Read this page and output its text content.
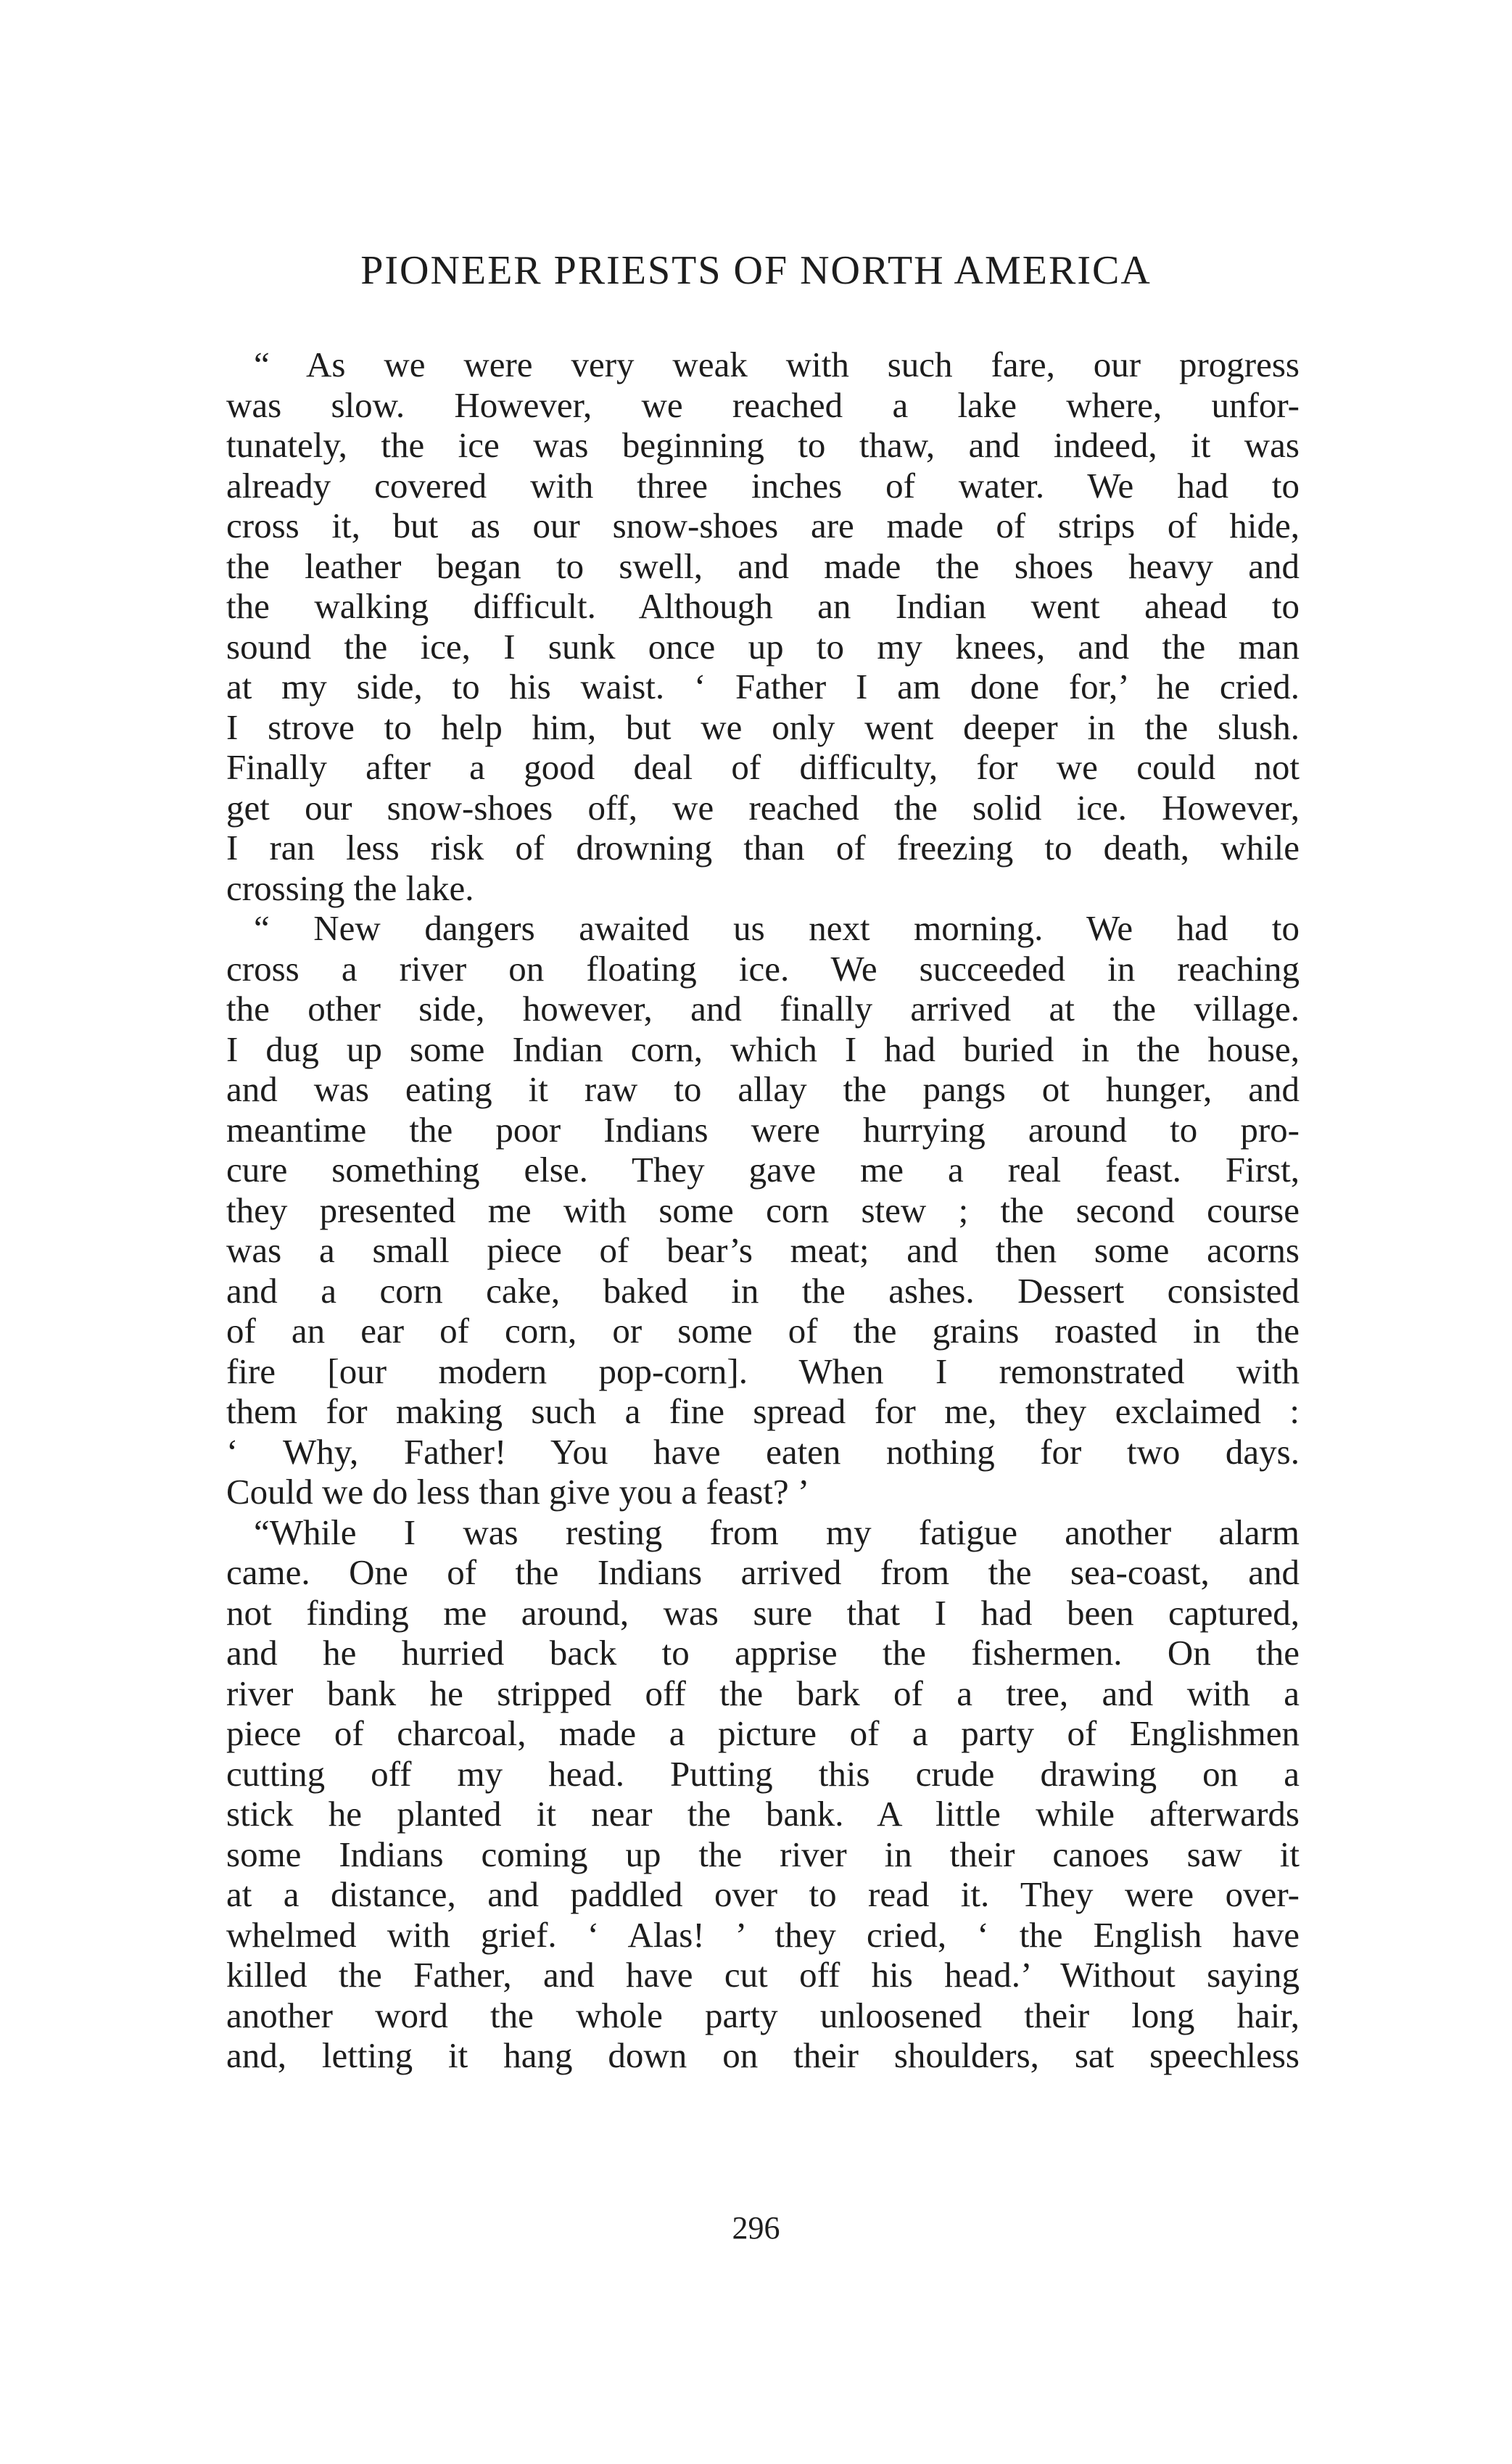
PIONEER PRIESTS OF NORTH AMERICA
“ As we were very weak with such fare, our progress
was slow. However, we reached a lake where, unfor-
tunately, the ice was beginning to thaw, and indeed, it was
already covered with three inches of water. We had to
cross it, but as our snow-shoes are made of strips of hide,
the leather began to swell, and made the shoes heavy and
the walking difficult. Although an Indian went ahead to
sound the ice, I sunk once up to my knees, and the man
at my side, to his waist. ‘ Father I am done for,’ he cried.
I strove to help him, but we only went deeper in the slush.
Finally after a good deal of difficulty, for we could not
get our snow-shoes off, we reached the solid ice. However,
I ran less risk of drowning than of freezing to death, while
crossing the lake.
“ New dangers awaited us next morning. We had to
cross a river on floating ice. We succeeded in reaching
the other side, however, and finally arrived at the village.
I dug up some Indian corn, which I had buried in the house,
and was eating it raw to allay the pangs ot hunger, and
meantime the poor Indians were hurrying around to pro-
cure something else. They gave me a real feast. First,
they presented me with some corn stew ; the second course
was a small piece of bear’s meat; and then some acorns
and a corn cake, baked in the ashes. Dessert consisted
of an ear of corn, or some of the grains roasted in the
fire [our modern pop-corn]. When I remonstrated with
them for making such a fine spread for me, they exclaimed :
‘ Why, Father! You have eaten nothing for two days.
Could we do less than give you a feast? ’
“While I was resting from my fatigue another alarm
came. One of the Indians arrived from the sea-coast, and
not finding me around, was sure that I had been captured,
and he hurried back to apprise the fishermen. On the
river bank he stripped off the bark of a tree, and with a
piece of charcoal, made a picture of a party of Englishmen
cutting off my head. Putting this crude drawing on a
stick he planted it near the bank. A little while afterwards
some Indians coming up the river in their canoes saw it
at a distance, and paddled over to read it. They were over-
whelmed with grief. ‘ Alas! ’ they cried, ‘ the English have
killed the Father, and have cut off his head.’ Without saying
another word the whole party unloosened their long hair,
and, letting it hang down on their shoulders, sat speechless
296
